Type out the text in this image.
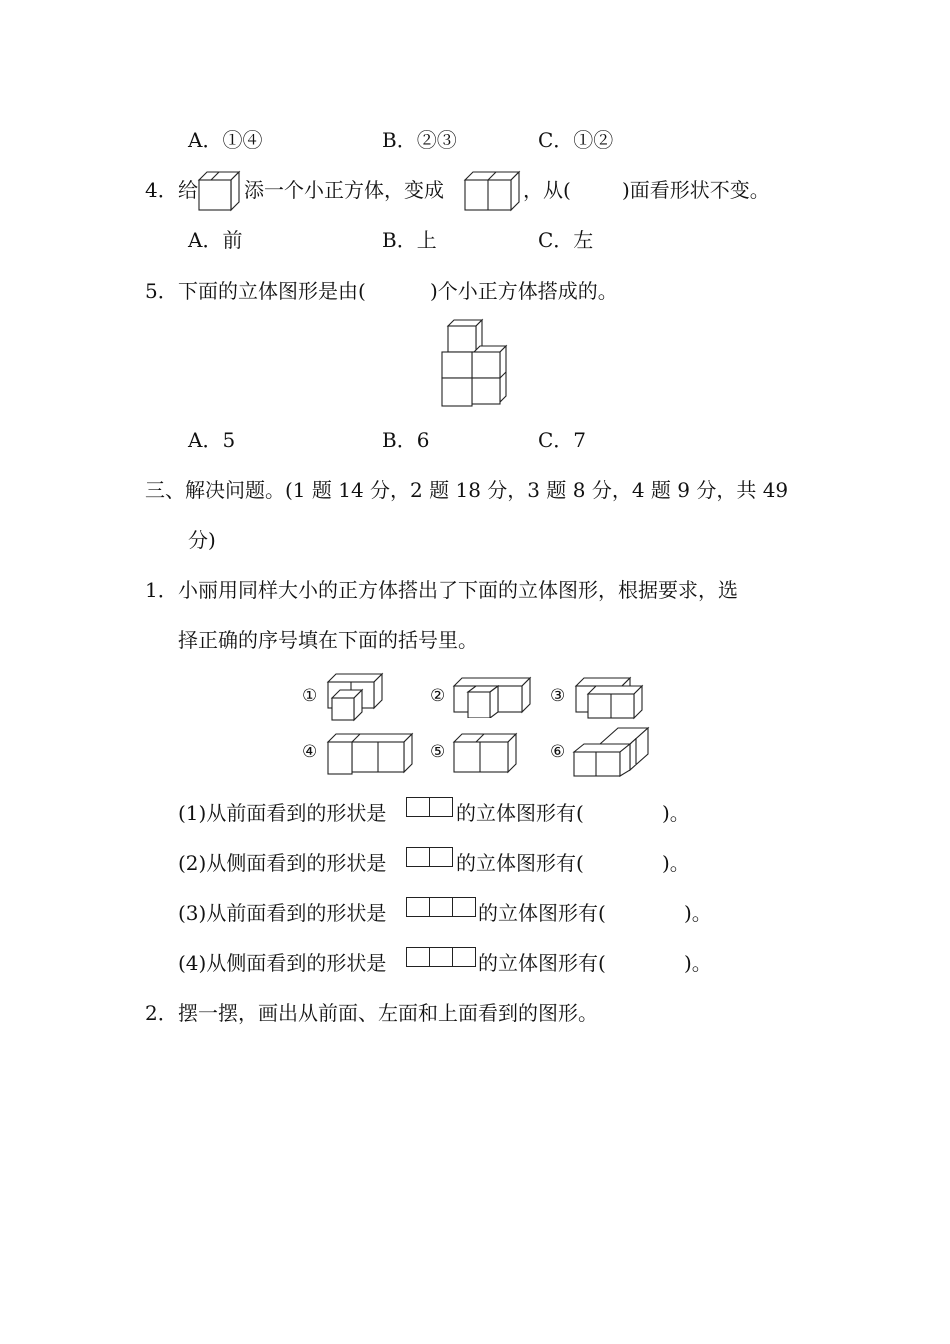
A．①④	B．②③	C．①②
4． 给 添一个小正方体，变成	，从(	)面看形状不变。
A．前	B．上	C．左
5． 下面的立体图形是由(	)个小正方体搭成的。
A．5	B．6	C．7
三、解决问题。(1 题 14 分，2 题 18 分，3 题 8 分，4 题 9 分，共 49
分)
1． 小丽用同样大小的正方体搭出了下面的立体图形，根据要求，选
择正确的序号填在下面的括号里。
①	②	③
④	⑤	⑥
(1)从前面看到的形状是	的立体图形有(	)。
(2)从侧面看到的形状是	的立体图形有(	)。
(3)从前面看到的形状是	的立体图形有(	)。
(4)从侧面看到的形状是	的立体图形有(	)。
2． 摆一摆，画出从前面、左面和上面看到的图形。
